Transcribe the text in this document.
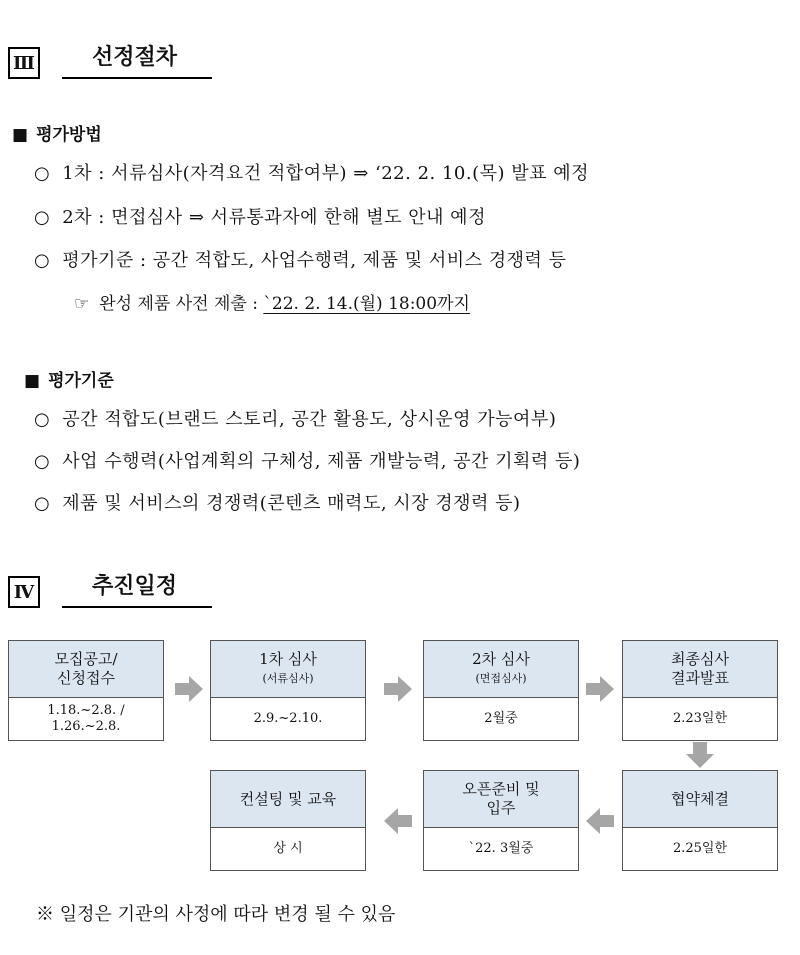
Ⅲ	선정절차
■ 평가방법
○ 1차 : 서류심사(자격요건 적합여부) ⇒ ‘22. 2. 10.(목) 발표 예정
○ 2차 : 면접심사 ⇒ 서류통과자에 한해 별도 안내 예정
○ 평가기준 : 공간 적합도, 사업수행력, 제품 및 서비스 경쟁력 등
☞ 완성 제품 사전 제출 : `22. 2. 14.(월) 18:00까지
■ 평가기준
○ 공간 적합도(브랜드 스토리, 공간 활용도, 상시운영 가능여부)
○ 사업 수행력(사업계획의 구체성, 제품 개발능력, 공간 기획력 등)
○ 제품 및 서비스의 경쟁력(콘텐츠 매력도, 시장 경쟁력 등)
Ⅳ	추진일정
모집공고/
신청접수
1.18.~2.8. /
1.26.~2.8.
1차 심사
(서류심사)
2.9.~2.10.
2차 심사
(면접심사)
2월중
최종심사
결과발표
2.23일한
컨설팅 및 교육
상 시
오픈준비 및
입주
`22. 3월중
협약체결
2.25일한
※ 일정은 기관의 사정에 따라 변경 될 수 있음
